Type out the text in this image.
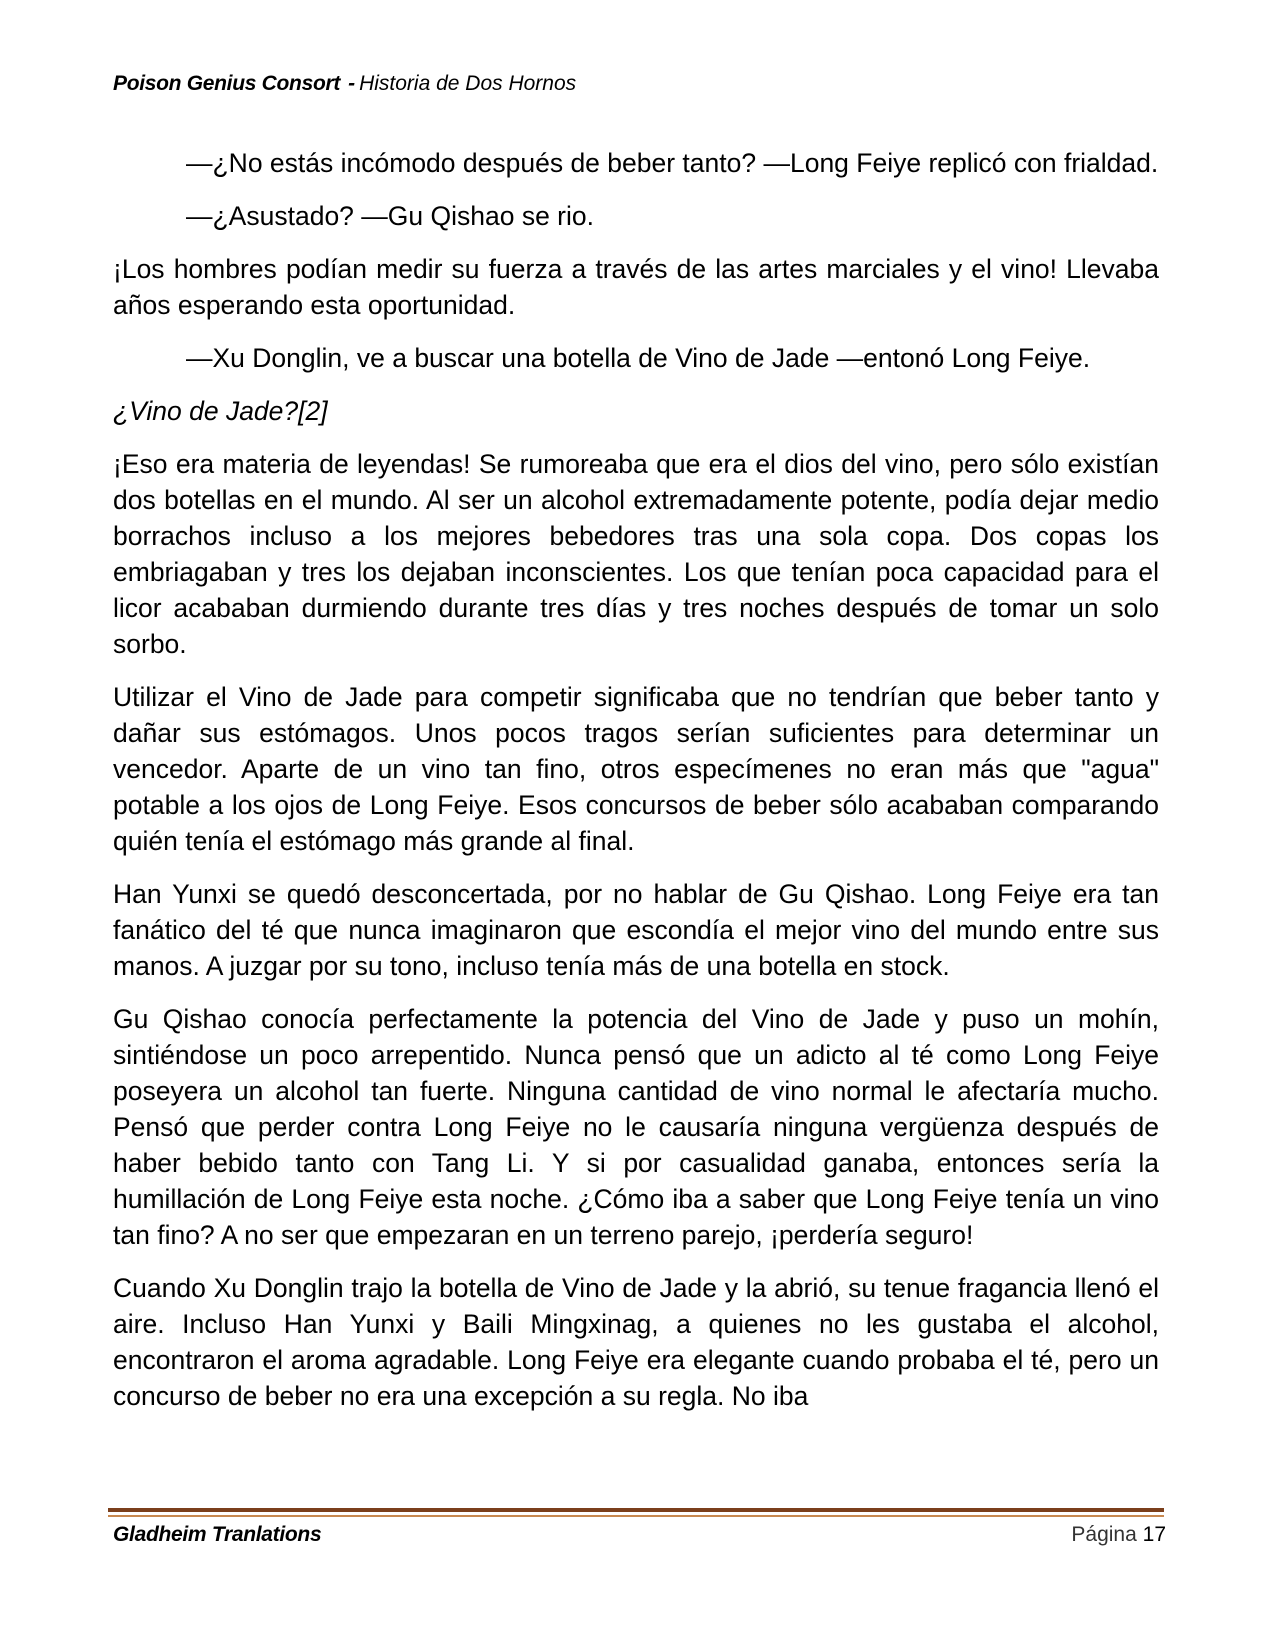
Poison Genius Consort - Historia de Dos Hornos

—¿No estás incómodo después de beber tanto? —Long Feiye replicó con frialdad.

—¿Asustado? —Gu Qishao se rio.

¡Los hombres podían medir su fuerza a través de las artes marciales y el vino! Llevaba años esperando esta oportunidad.

—Xu Donglin, ve a buscar una botella de Vino de Jade —entonó Long Feiye.

¿Vino de Jade?[2]

¡Eso era materia de leyendas! Se rumoreaba que era el dios del vino, pero sólo existían dos botellas en el mundo. Al ser un alcohol extremadamente potente, podía dejar medio borrachos incluso a los mejores bebedores tras una sola copa. Dos copas los embriagaban y tres los dejaban inconscientes. Los que tenían poca capacidad para el licor acababan durmiendo durante tres días y tres noches después de tomar un solo sorbo.

Utilizar el Vino de Jade para competir significaba que no tendrían que beber tanto y dañar sus estómagos. Unos pocos tragos serían suficientes para determinar un vencedor. Aparte de un vino tan fino, otros especímenes no eran más que "agua" potable a los ojos de Long Feiye. Esos concursos de beber sólo acababan comparando quién tenía el estómago más grande al final.

Han Yunxi se quedó desconcertada, por no hablar de Gu Qishao. Long Feiye era tan fanático del té que nunca imaginaron que escondía el mejor vino del mundo entre sus manos. A juzgar por su tono, incluso tenía más de una botella en stock.

Gu Qishao conocía perfectamente la potencia del Vino de Jade y puso un mohín, sintiéndose un poco arrepentido. Nunca pensó que un adicto al té como Long Feiye poseyera un alcohol tan fuerte. Ninguna cantidad de vino normal le afectaría mucho. Pensó que perder contra Long Feiye no le causaría ninguna vergüenza después de haber bebido tanto con Tang Li. Y si por casualidad ganaba, entonces sería la humillación de Long Feiye esta noche. ¿Cómo iba a saber que Long Feiye tenía un vino tan fino? A no ser que empezaran en un terreno parejo, ¡perdería seguro!

Cuando Xu Donglin trajo la botella de Vino de Jade y la abrió, su tenue fragancia llenó el aire. Incluso Han Yunxi y Baili Mingxinag, a quienes no les gustaba el alcohol, encontraron el aroma agradable. Long Feiye era elegante cuando probaba el té, pero un concurso de beber no era una excepción a su regla. No iba

Gladheim Tranlations	Página 17
